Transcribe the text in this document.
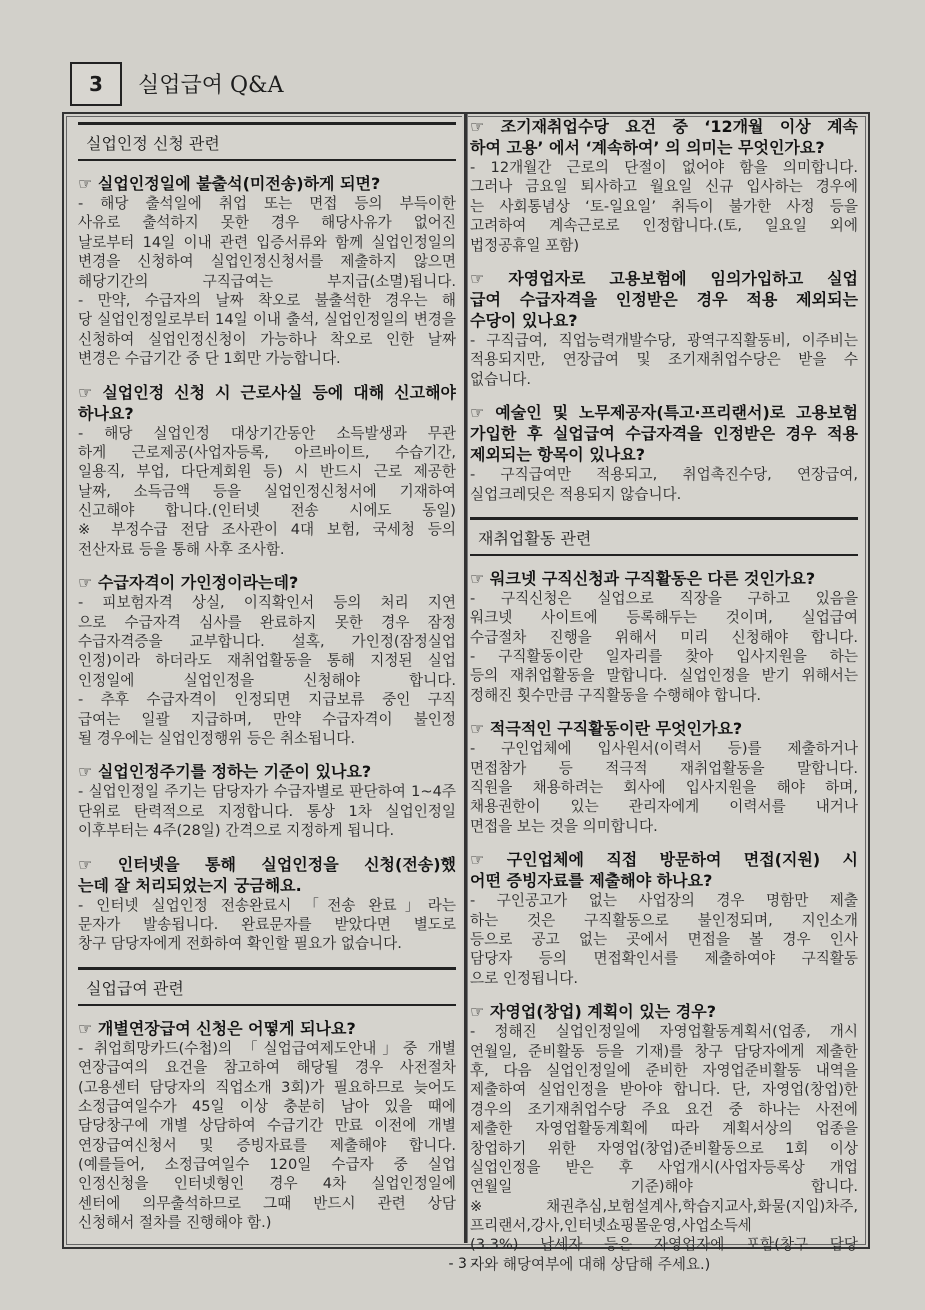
3	실업급여 Q&A
실업인정 신청 관련
☞ 실업인정일에 불출석(미전송)하게 되면?
- 해당 출석일에 취업 또는 면접 등의 부득이한
사유로 출석하지 못한 경우 해당사유가 없어진
날로부터 14일 이내 관련 입증서류와 함께 실업인정일의
변경을 신청하여 실업인정신청서를 제출하지 않으면
해당기간의 구직급여는 부지급(소멸)됩니다.
- 만약, 수급자의 날짜 착오로 불출석한 경우는 해
당 실업인정일로부터 14일 이내 출석, 실업인정일의 변경을
신청하여 실업인정신청이 가능하나 착오로 인한 날짜
변경은 수급기간 중 단 1회만 가능합니다.
☞ 실업인정 신청 시 근로사실 등에 대해 신고해야
하나요?
- 해당 실업인정 대상기간동안 소득발생과 무관
하게 근로제공(사업자등록, 아르바이트, 수습기간,
일용직, 부업, 다단계회원 등) 시 반드시 근로 제공한
날짜, 소득금액 등을 실업인정신청서에 기재하여
신고해야 합니다.(인터넷 전송 시에도 동일)
※ 부정수급 전담 조사관이 4대 보험, 국세청 등의
전산자료 등을 통해 사후 조사함.
☞ 수급자격이 가인정이라는데?
- 피보험자격 상실, 이직확인서 등의 처리 지연
으로 수급자격 심사를 완료하지 못한 경우 잠정
수급자격증을 교부합니다. 설혹, 가인정(잠정실업
인정)이라 하더라도 재취업활동을 통해 지정된 실업
인정일에 실업인정을 신청해야 합니다.
- 추후 수급자격이 인정되면 지급보류 중인 구직
급여는 일괄 지급하며, 만약 수급자격이 불인정
될 경우에는 실업인정행위 등은 취소됩니다.
☞ 실업인정주기를 정하는 기준이 있나요?
- 실업인정일 주기는 담당자가 수급자별로 판단하여 1~4주
단위로 탄력적으로 지정합니다. 통상 1차 실업인정일
이후부터는 4주(28일) 간격으로 지정하게 됩니다.
☞ 인터넷을 통해 실업인정을 신청(전송)했
는데 잘 처리되었는지 궁금해요.
- 인터넷 실업인정 전송완료시 「전송 완료」라는
문자가 발송됩니다. 완료문자를 받았다면 별도로
창구 담당자에게 전화하여 확인할 필요가 없습니다.
실업급여 관련
☞ 개별연장급여 신청은 어떻게 되나요?
- 취업희망카드(수첩)의 「실업급여제도안내」중 개별
연장급여의 요건을 참고하여 해당될 경우 사전절차
(고용센터 담당자의 직업소개 3회)가 필요하므로 늦어도
소정급여일수가 45일 이상 충분히 남아 있을 때에
담당창구에 개별 상담하여 수급기간 만료 이전에 개별
연장급여신청서 및 증빙자료를 제출해야 합니다.
(예를들어, 소정급여일수 120일 수급자 중 실업
인정신청을 인터넷형인 경우 4차 실업인정일에
센터에 의무출석하므로 그때 반드시 관련 상담
신청해서 절차를 진행해야 함.)
☞ 조기재취업수당 요건 중 ‘12개월 이상 계속
하여 고용’ 에서 ‘계속하여’ 의 의미는 무엇인가요?
- 12개월간 근로의 단절이 없어야 함을 의미합니다.
그러나 금요일 퇴사하고 월요일 신규 입사하는 경우에
는 사회통념상 ‘토-일요일’ 취득이 불가한 사정 등을
고려하여 계속근로로 인정합니다.(토, 일요일 외에
법정공휴일 포함)
☞ 자영업자로 고용보험에 임의가입하고 실업
급여 수급자격을 인정받은 경우 적용 제외되는
수당이 있나요?
- 구직급여, 직업능력개발수당, 광역구직활동비, 이주비는
적용되지만, 연장급여 및 조기재취업수당은 받을 수
없습니다.
☞ 예술인 및 노무제공자(특고·프리랜서)로 고용보험
가입한 후 실업급여 수급자격을 인정받은 경우 적용
제외되는 항목이 있나요?
- 구직급여만 적용되고, 취업촉진수당, 연장급여,
실업크레딧은 적용되지 않습니다.
재취업활동 관련
☞ 워크넷 구직신청과 구직활동은 다른 것인가요?
- 구직신청은 실업으로 직장을 구하고 있음을
워크넷 사이트에 등록해두는 것이며, 실업급여
수급절차 진행을 위해서 미리 신청해야 합니다.
- 구직활동이란 일자리를 찾아 입사지원을 하는
등의 재취업활동을 말합니다. 실업인정을 받기 위해서는
정해진 횟수만큼 구직활동을 수행해야 합니다.
☞ 적극적인 구직활동이란 무엇인가요?
- 구인업체에 입사원서(이력서 등)를 제출하거나
면접참가 등 적극적 재취업활동을 말합니다.
직원을 채용하려는 회사에 입사지원을 해야 하며,
채용권한이 있는 관리자에게 이력서를 내거나
면접을 보는 것을 의미합니다.
☞ 구인업체에 직접 방문하여 면접(지원) 시
어떤 증빙자료를 제출해야 하나요?
- 구인공고가 없는 사업장의 경우 명함만 제출
하는 것은 구직활동으로 불인정되며, 지인소개
등으로 공고 없는 곳에서 면접을 볼 경우 인사
담당자 등의 면접확인서를 제출하여야 구직활동
으로 인정됩니다.
☞ 자영업(창업) 계획이 있는 경우?
- 정해진 실업인정일에 자영업활동계획서(업종, 개시
연월일, 준비활동 등을 기재)를 창구 담당자에게 제출한
후, 다음 실업인정일에 준비한 자영업준비활동 내역을
제출하여 실업인정을 받아야 합니다. 단, 자영업(창업)한
경우의 조기재취업수당 주요 요건 중 하나는 사전에
제출한 자영업활동계획에 따라 계획서상의 업종을
창업하기 위한 자영업(창업)준비활동으로 1회 이상
실업인정을 받은 후 사업개시(사업자등록상 개업
연월일 기준)해야 합니다.
※ 채권추심,보험설계사,학습지교사,화물(지입)차주,
프리랜서,강사,인터넷쇼핑몰운영,사업소득세
(3.3%) 납세자 등은 자영업자에 포함(창구 담당
자와 해당여부에 대해 상담해 주세요.)
- 3 -
